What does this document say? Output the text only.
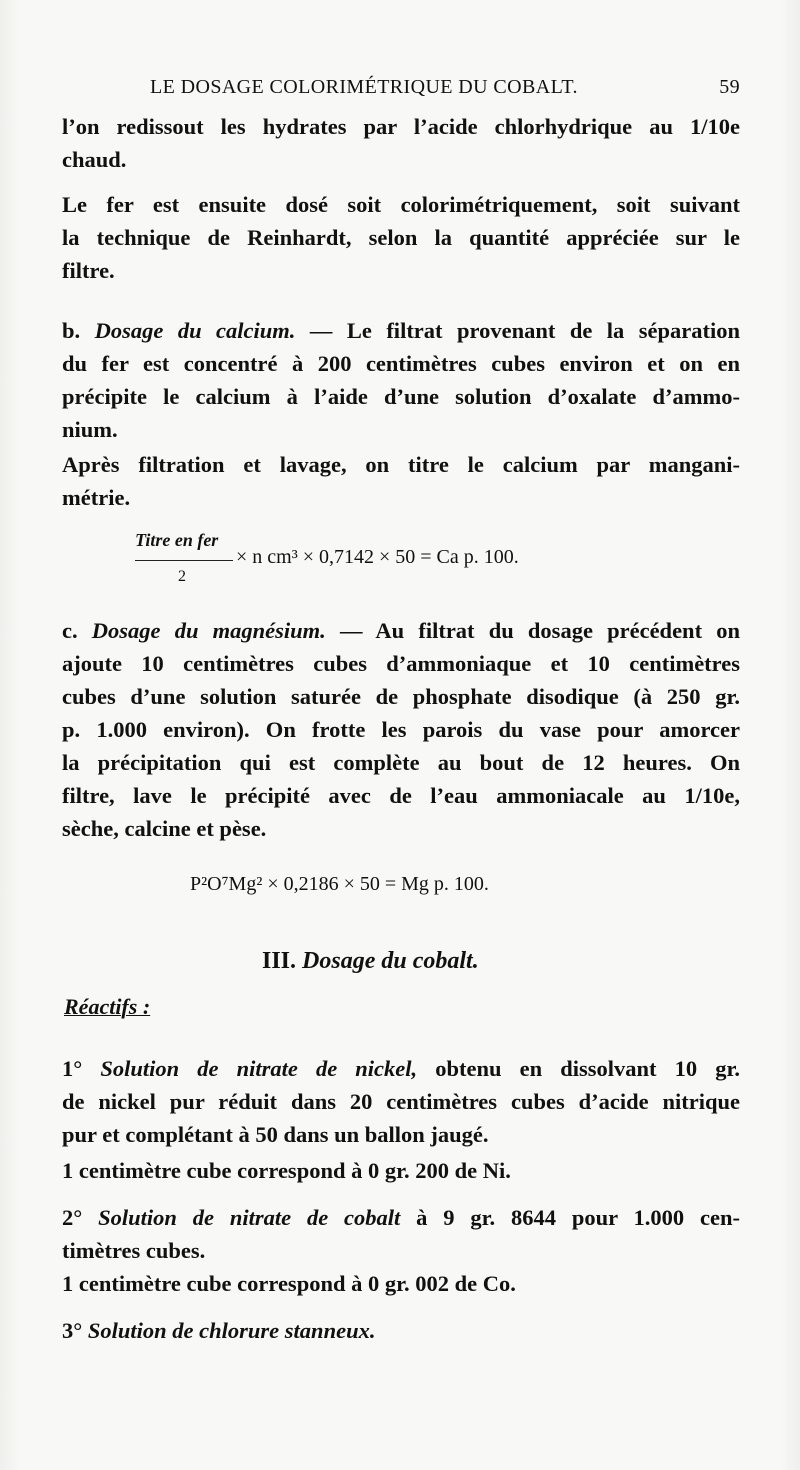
LE DOSAGE COLORIMÉTRIQUE DU COBALT.	59
l’on redissout les hydrates par l’acide chlorhydrique au 1/10e
chaud.
Le fer est ensuite dosé soit colorimétriquement, soit suivant
la technique de Reinhardt, selon la quantité appréciée sur le
filtre.
b. Dosage du calcium. — Le filtrat provenant de la séparation
du fer est concentré à 200 centimètres cubes environ et on en
précipite le calcium à l’aide d’une solution d’oxalate d’ammo-
nium.
Après filtration et lavage, on titre le calcium par mangani-
métrie.
Titre en fer
2
× n cm³ × 0,7142 × 50 = Ca p. 100.
c. Dosage du magnésium. — Au filtrat du dosage précédent on
ajoute 10 centimètres cubes d’ammoniaque et 10 centimètres
cubes d’une solution saturée de phosphate disodique (à 250 gr.
p. 1.000 environ). On frotte les parois du vase pour amorcer
la précipitation qui est complète au bout de 12 heures. On
filtre, lave le précipité avec de l’eau ammoniacale au 1/10e,
sèche, calcine et pèse.
P²O⁷Mg² × 0,2186 × 50 = Mg p. 100.
III. Dosage du cobalt.
Réactifs :
1° Solution de nitrate de nickel, obtenu en dissolvant 10 gr.
de nickel pur réduit dans 20 centimètres cubes d’acide nitrique
pur et complétant à 50 dans un ballon jaugé.
1 centimètre cube correspond à 0 gr. 200 de Ni.
2° Solution de nitrate de cobalt à 9 gr. 8644 pour 1.000 cen-
timètres cubes.
1 centimètre cube correspond à 0 gr. 002 de Co.
3° Solution de chlorure stanneux.
